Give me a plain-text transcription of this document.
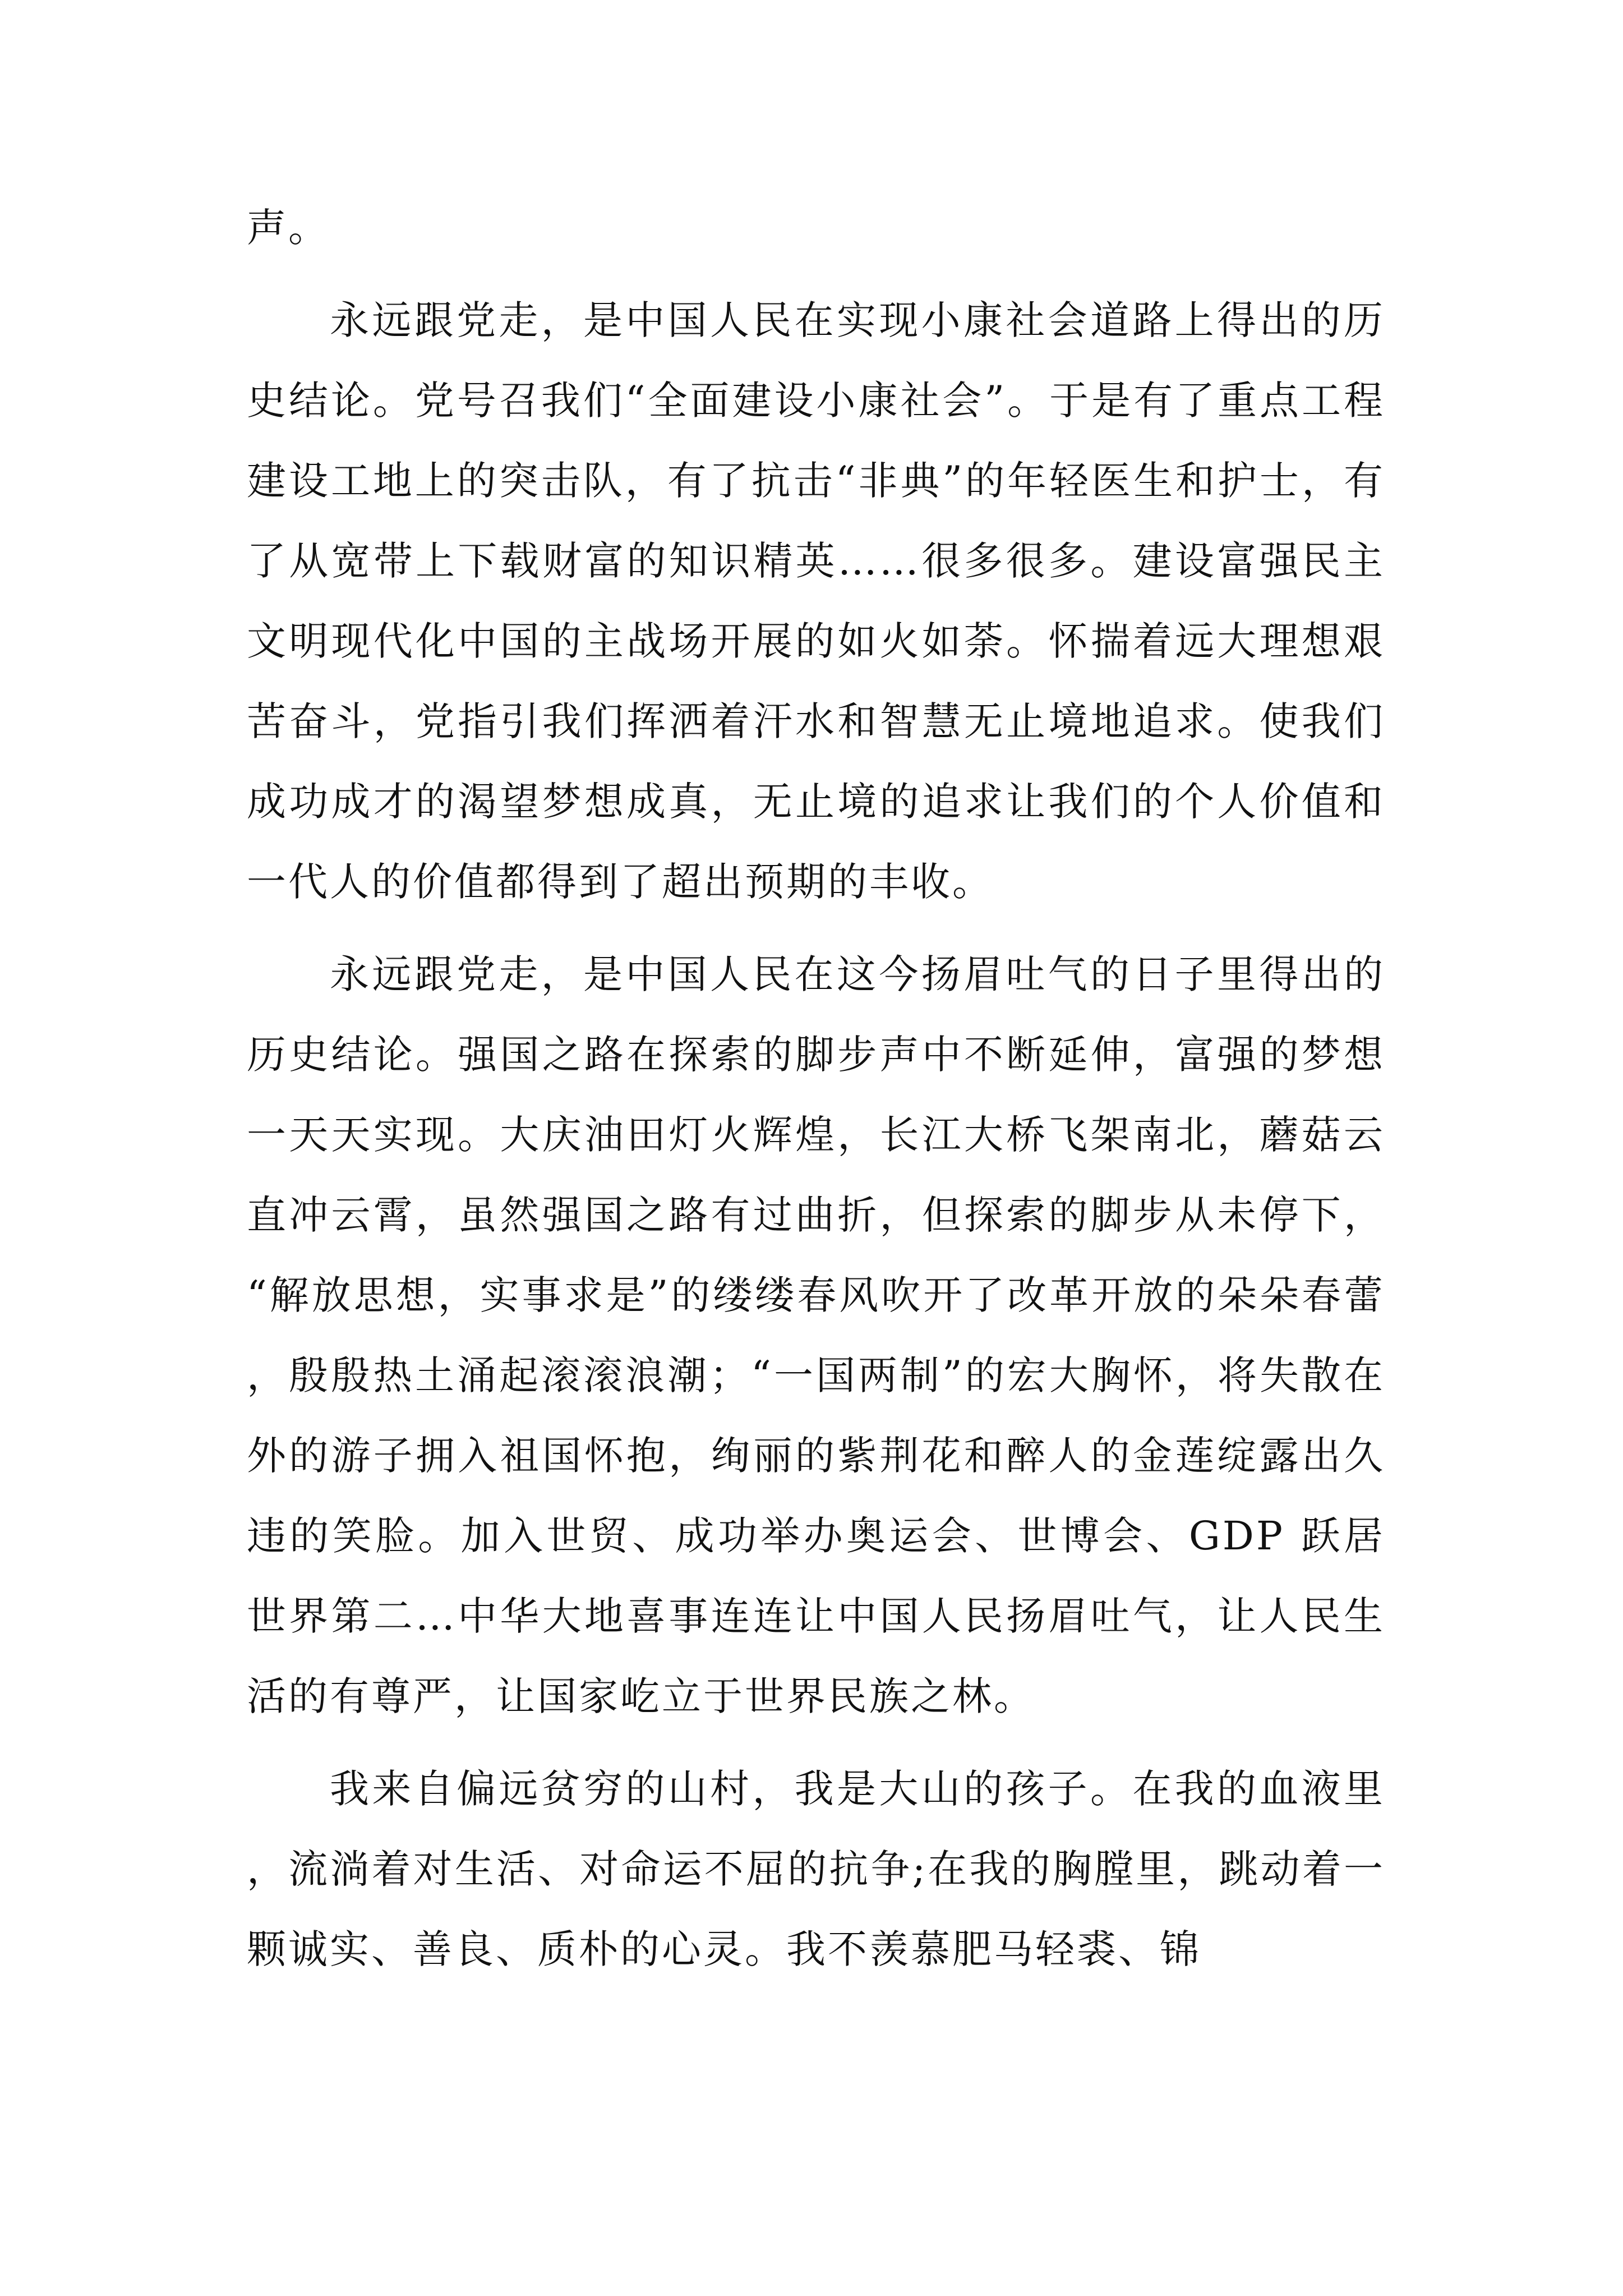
声。

永远跟党走，是中国人民在实现小康社会道路上得出的历史结论。党号召我们“全面建设小康社会”。于是有了重点工程建设工地上的突击队，有了抗击“非典”的年轻医生和护士，有了从宽带上下载财富的知识精英……很多很多。建设富强民主文明现代化中国的主战场开展的如火如荼。怀揣着远大理想艰苦奋斗，党指引我们挥洒着汗水和智慧无止境地追求。使我们成功成才的渴望梦想成真，无止境的追求让我们的个人价值和一代人的价值都得到了超出预期的丰收。

永远跟党走，是中国人民在这今扬眉吐气的日子里得出的历史结论。强国之路在探索的脚步声中不断延伸，富强的梦想一天天实现。大庆油田灯火辉煌，长江大桥飞架南北，蘑菇云直冲云霄，虽然强国之路有过曲折，但探索的脚步从未停下，“解放思想，实事求是”的缕缕春风吹开了改革开放的朵朵春蕾，殷殷热土涌起滚滚浪潮；“一国两制”的宏大胸怀，将失散在外的游子拥入祖国怀抱，绚丽的紫荆花和醉人的金莲绽露出久违的笑脸。加入世贸、成功举办奥运会、世博会、GDP 跃居世界第二…中华大地喜事连连让中国人民扬眉吐气，让人民生活的有尊严，让国家屹立于世界民族之林。

我来自偏远贫穷的山村，我是大山的孩子。在我的血液里，流淌着对生活、对命运不屈的抗争;在我的胸膛里，跳动着一颗诚实、善良、质朴的心灵。我不羡慕肥马轻裘、锦
